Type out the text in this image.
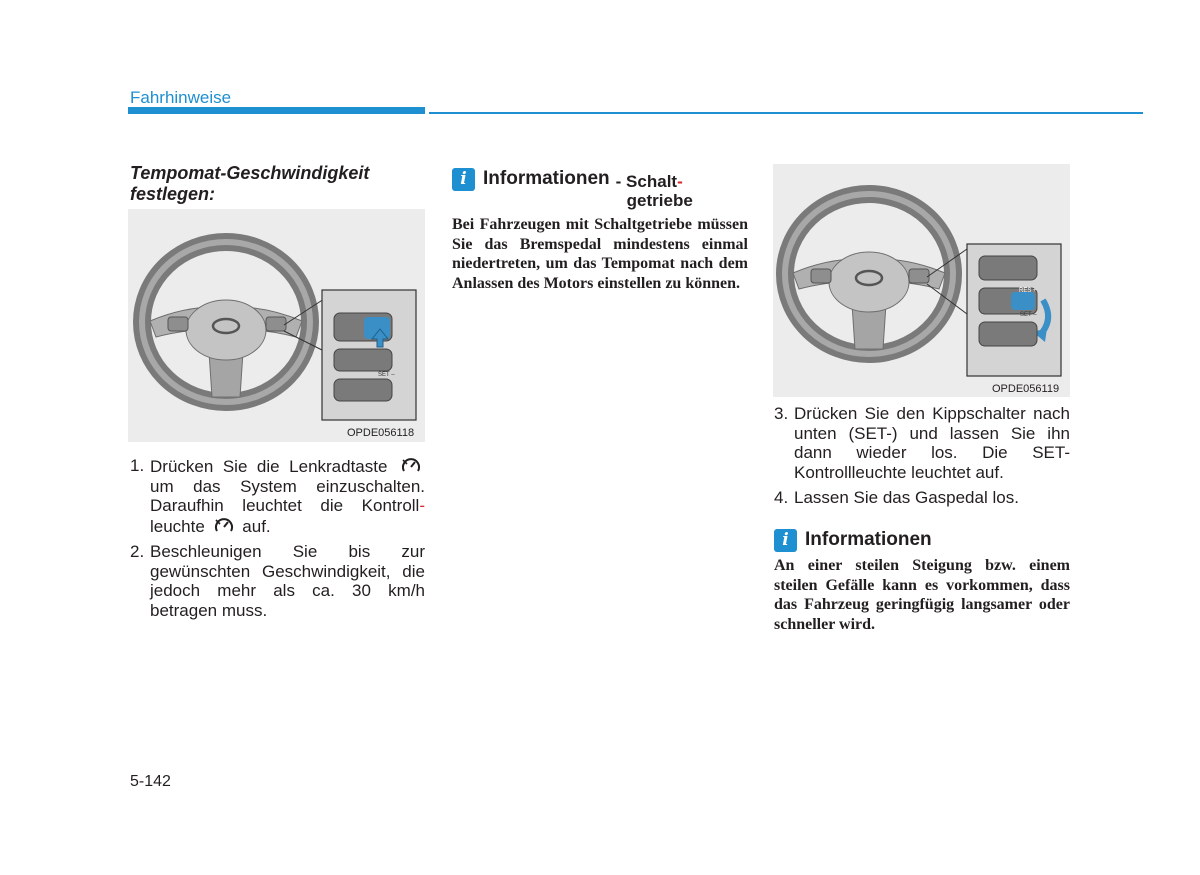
Fahrhinweise
Tempomat-Geschwindigkeit festlegen:
SET –
OPDE056118
1. Drücken Sie die Lenkradtaste  um das System einzuschalten. Daraufhin leuchtet die Kontroll- leuchte auf.
2. Beschleunigen Sie bis zur gewünschten Geschwindigkeit, die jedoch mehr als ca. 30 km/h betragen muss.
i Informationen - Schalt-
getriebe
Bei Fahrzeugen mit Schaltgetriebe müssen Sie das Bremspedal mindestens einmal niedertreten, um das Tempomat nach dem Anlassen des Motors einstellen zu können.	RES +
SET –
OPDE056119
3. Drücken Sie den Kippschalter nach unten (SET-) und lassen Sie ihn dann wieder los. Die SET-Kontrollleuchte leuchtet auf.
4. Lassen Sie das Gaspedal los.
i Informationen
An einer steilen Steigung bzw. einem steilen Gefälle kann es vorkommen, dass das Fahrzeug geringfügig langsamer oder schneller wird.
5-142
